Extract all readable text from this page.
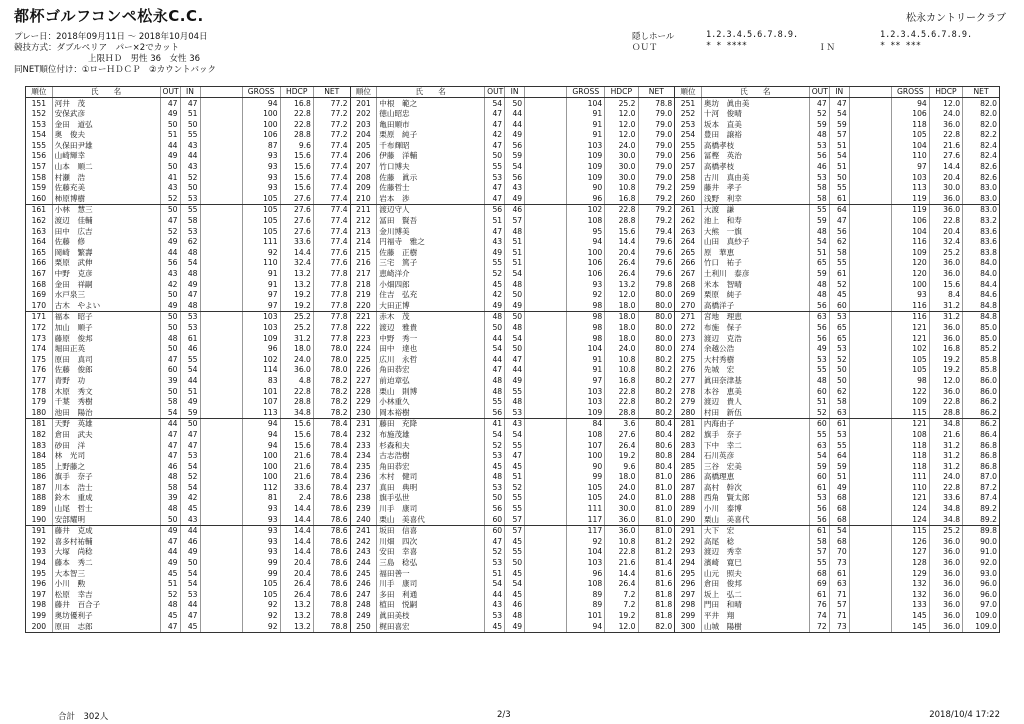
都杯ゴルフコンペ松永C.C.	松永カントリークラブ
プレー日：2018年09月11日 ～ 2018年10月04日
競技方式：ダブルペリア　パー×2でカット
上限ＨＤ　男性 36　女性 36
同NET順位付け：①ローＨＤＣＰ　②カウントバック
隠しホール
ＯＵＴ
1.2.3.4.5.6.7.8.9.
* * ****	ＩＮ
1.2.3.4.5.6.7.8.9.
* ** ***
順位	氏　　名	OUT	IN		GROSS	HDCP	NET	順位	氏　　名	OUT	IN		GROSS	HDCP	NET	順位	氏　　名	OUT	IN		GROSS	HDCP	NET
151	河井　茂	47	47		94	16.8	77.2	201	中根　範之	54	50		104	25.2	78.8	251	奥坊　眞由美	47	47		94	12.0	82.0
152	安保武彦	49	51		100	22.8	77.2	202	徳山昭忠	47	44		91	12.0	79.0	252	十河　俊晴	52	54		106	24.0	82.0
153	金田　道弘	50	50		100	22.8	77.2	203	亀田順市	47	44		91	12.0	79.0	253	坂本　直美	59	59		118	36.0	82.0
154	奥　俊夫	51	55		106	28.8	77.2	204	栗原　純子	42	49		91	12.0	79.0	254	豊田　譲裕	48	57		105	22.8	82.2
155	久保田尹雄	44	43		87	9.6	77.4	205	千布輝昭	47	56		103	24.0	79.0	255	高橋孝枝	53	51		104	21.6	82.4
156	山崎輝幸	49	44		93	15.6	77.4	206	伊藤　洋輔	50	59		109	30.0	79.0	256	冨樫　英治	56	54		110	27.6	82.4
157	山本　順二	50	43		93	15.6	77.4	207	竹口博夫	55	54		109	30.0	79.0	257	高橋孝枝	46	51		97	14.4	82.6
158	村瀬　浩	41	52		93	15.6	77.4	208	佐藤　眞示	53	56		109	30.0	79.0	258	古川　真由美	53	50		103	20.4	82.6
159	佐藤充美	43	50		93	15.6	77.4	209	佐藤哲士	47	43		90	10.8	79.2	259	藤井　孝子	58	55		113	30.0	83.0
160	柿原博樹	52	53		105	27.6	77.4	210	岩本　渉	47	49		96	16.8	79.2	260	浅野　利幸	58	61		119	36.0	83.0
161	小林　慧三	50	55		105	27.6	77.4	211	渡辺守人	56	46		102	22.8	79.2	261	大渡　謙	55	64		119	36.0	83.0
162	渡辺　佳輔	47	58		105	27.6	77.4	212	冨田　賢吾	51	57		108	28.8	79.2	262	池上　和寿	59	47		106	22.8	83.2
163	田中　広吉	52	53		105	27.6	77.4	213	金川博美	47	48		95	15.6	79.4	263	大熊　一旗	48	56		104	20.4	83.6
164	佐藤　修	49	62		111	33.6	77.4	214	円福寺　雅之	43	51		94	14.4	79.6	264	山田　真紗子	54	62		116	32.4	83.6
165	岡崎　繁壽	44	48		92	14.4	77.6	215	佐藤　正樹	49	51		100	20.4	79.6	265	原　華恵	51	58		109	25.2	83.8
166	栗原　武伸	56	54		110	32.4	77.6	216	三宅　篤子	55	51		106	26.4	79.6	266	竹口　祐子	65	55		120	36.0	84.0
167	中野　克彦	43	48		91	13.2	77.8	217	恵崎洋介	52	54		106	26.4	79.6	267	土利川　泰彦	59	61		120	36.0	84.0
168	金田　祥嗣	42	49		91	13.2	77.8	218	小畑四郎	45	48		93	13.2	79.8	268	米本　智晴	48	52		100	15.6	84.4
169	水戸泉三	50	47		97	19.2	77.8	219	住吉　弘充	42	50		92	12.0	80.0	269	栗原　純子	48	45		93	8.4	84.6
170	古木　やよい	49	48		97	19.2	77.8	220	大田正博	49	49		98	18.0	80.0	270	高橋洋子	56	60		116	31.2	84.8
171	福本　昭子	50	53		103	25.2	77.8	221	赤木　茂	48	50		98	18.0	80.0	271	宮地　理恵	63	53		116	31.2	84.8
172	加山　順子	50	53		103	25.2	77.8	222	渡辺　雅貴	50	48		98	18.0	80.0	272	布施　保子	56	65		121	36.0	85.0
173	藤原　俊邦	48	61		109	31.2	77.8	223	中野　秀一	44	54		98	18.0	80.0	273	渡辺　克浩	56	65		121	36.0	85.0
174	堀田正英	50	46		96	18.0	78.0	224	田中　達也	54	50		104	24.0	80.0	274	余越公浩	49	53		102	16.8	85.2
175	原田　真司	47	55		102	24.0	78.0	225	広川　永哲	44	47		91	10.8	80.2	275	大村秀樹	53	52		105	19.2	85.8
176	佐藤　俊郎	60	54		114	36.0	78.0	226	角田恭宏	47	44		91	10.8	80.2	276	先城　宏	55	50		105	19.2	85.8
177	青野　功	39	44		83	4.8	78.2	227	前迫章弘	48	49		97	16.8	80.2	277	眞田奈津基	48	50		98	12.0	86.0
178	木原　秀文	50	51		101	22.8	78.2	228	栗山　則博	48	55		103	22.8	80.2	278	本谷　恵美	60	62		122	36.0	86.0
179	千葉　秀樹	58	49		107	28.8	78.2	229	小林重久	55	48		103	22.8	80.2	279	渡辺　貴人	51	58		109	22.8	86.2
180	池田　陽治	54	59		113	34.8	78.2	230	岡本裕樹	56	53		109	28.8	80.2	280	村田　新伍	52	63		115	28.8	86.2
181	天野　英雄	44	50		94	15.6	78.4	231	藤田　充降	41	43		84	3.6	80.4	281	内海由子	60	61		121	34.8	86.2
182	倉田　武夫	47	47		94	15.6	78.4	232	布施茂雄	54	54		108	27.6	80.4	282	旗手　奈子	55	53		108	21.6	86.4
183	砂田　洋	47	47		94	15.6	78.4	233	杉森和夫	52	55		107	26.4	80.6	283	下中　幸二	63	55		118	31.2	86.8
184	林　光司	47	53		100	21.6	78.4	234	古志浩樹	53	47		100	19.2	80.8	284	石川英彦	54	64		118	31.2	86.8
185	上野藤之	46	54		100	21.6	78.4	235	角田恭宏	45	45		90	9.6	80.4	285	三谷　宏美	59	59		118	31.2	86.8
186	旗手　奈子	48	52		100	21.6	78.4	236	木村　健司	48	51		99	18.0	81.0	286	高橋理恵	60	51		111	24.0	87.0
187	川本　浩士	58	54		112	33.6	78.4	237	真田　典明	53	52		105	24.0	81.0	287	高村　幹次	61	49		110	22.8	87.2
188	鈴木　重成	39	42		81	2.4	78.6	238	旗手弘世	50	55		105	24.0	81.0	288	西角　賢太郎	53	68		121	33.6	87.4
189	山尾　哲士	48	45		93	14.4	78.6	239	川手　康司	56	55		111	30.0	81.0	289	小川　泰博	56	68		124	34.8	89.2
190	安部耀明	50	43		93	14.4	78.6	240	栗山　美喜代	60	57		117	36.0	81.0	290	栗山　美喜代	56	68		124	34.8	89.2
191	藤井　克成	49	44		93	14.4	78.6	241	坂田　信喜	60	57		117	36.0	81.0	291	大下　宏	61	54		115	25.2	89.8
192	喜多村祐輔	47	46		93	14.4	78.6	242	川畑　四次	47	45		92	10.8	81.2	292	高尾　稔	58	68		126	36.0	90.0
193	大塚　尚稔	44	49		93	14.4	78.6	243	安田　幸喜	52	55		104	22.8	81.2	293	渡辺　秀幸	57	70		127	36.0	91.0
194	藤本　秀二	49	50		99	20.4	78.6	244	三島　稔弘	53	50		103	21.6	81.4	294	濱崎　寛巳	55	73		128	36.0	92.0
195	大本智三	45	54		99	20.4	78.6	245	福田善一	51	45		96	14.4	81.6	295	山元　照夫	68	61		129	36.0	93.0
196	小川　勲	51	54		105	26.4	78.6	246	川手　康司	54	54		108	26.4	81.6	296	倉田　俊邦	69	63		132	36.0	96.0
197	松原　幸吉	52	53		105	26.4	78.6	247	多田　利通	44	45		89	7.2	81.8	297	坂上　弘二	61	71		132	36.0	96.0
198	藤井　百合子	48	44		92	13.2	78.8	248	植田　悦嗣	43	46		89	7.2	81.8	298	門田　和晴	76	57		133	36.0	97.0
199	奥坊優利子	45	47		92	13.2	78.8	249	眞田美枝	53	48		101	19.2	81.8	299	平井　翔	74	71		145	36.0	109.0
200	原田　志郎	47	45		92	13.2	78.8	250	梶田喜宏	45	49		94	12.0	82.0	300	山城　陽樹	72	73		145	36.0	109.0
合計　302人	2/3	2018/10/4 17:22
